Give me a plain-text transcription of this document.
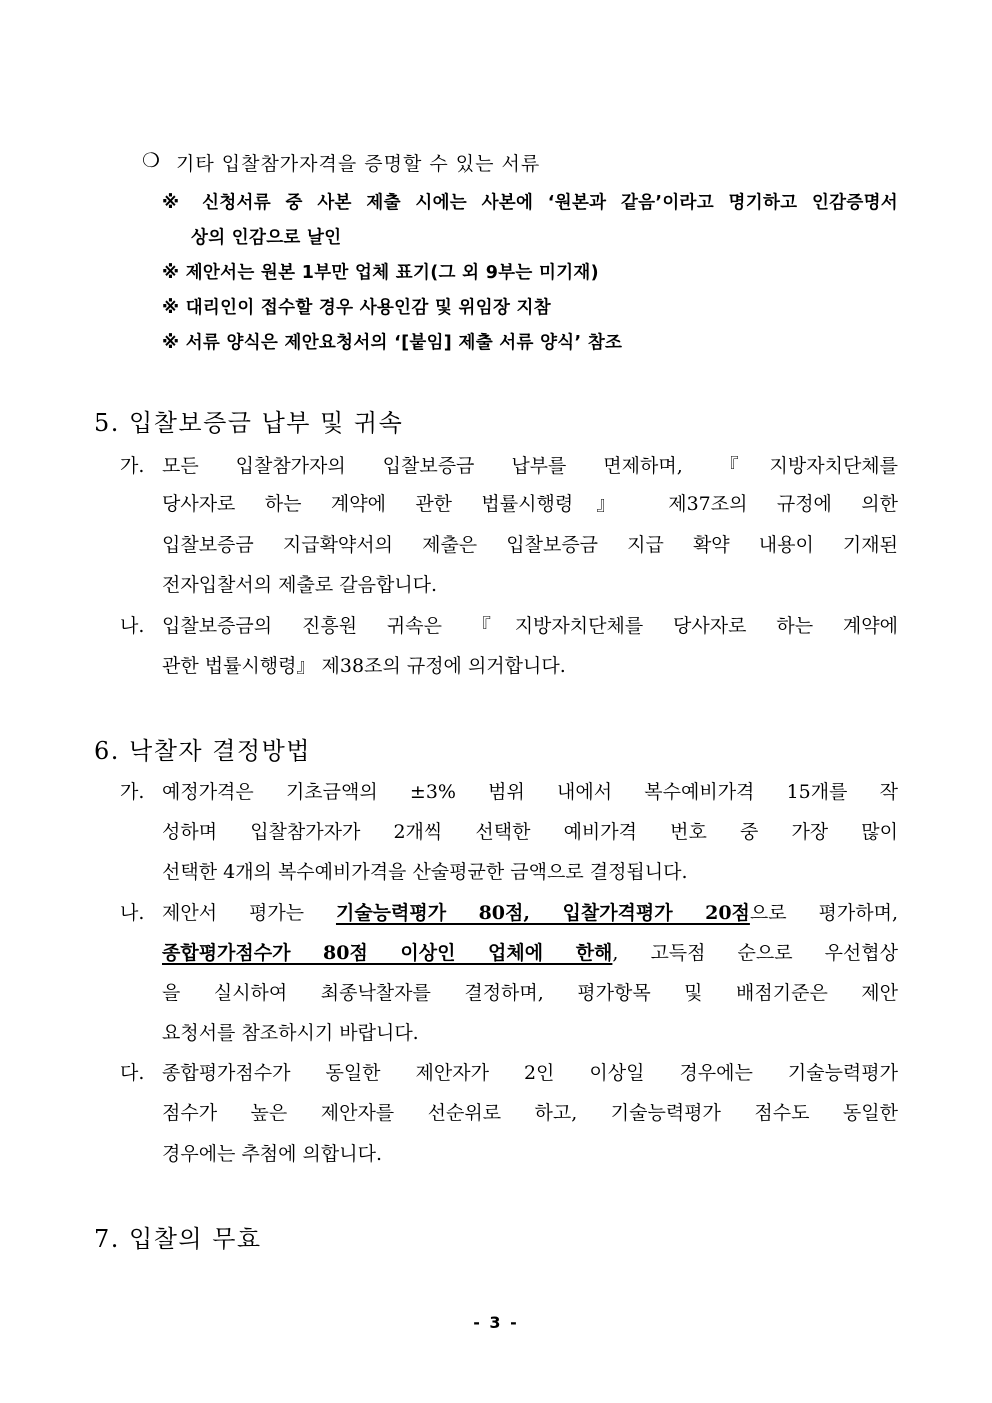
❍ 기타 입찰참가자격을 증명할 수 있는 서류
※ 신청서류 중 사본 제출 시에는 사본에 ‘원본과 같음’이라고 명기하고 인감증명서
상의 인감으로 날인
※ 제안서는 원본 1부만 업체 표기(그 외 9부는 미기재)
※ 대리인이 접수할 경우 사용인감 및 위임장 지참
※ 서류 양식은 제안요청서의 ‘[붙임] 제출 서류 양식’ 참조
5. 입찰보증금 납부 및 귀속
가. 모든 입찰참가자의 입찰보증금 납부를 면제하며, 『지방자치단체를
당사자로 하는 계약에 관한 법률시행령』 제37조의 규정에 의한
입찰보증금 지급확약서의 제출은 입찰보증금 지급 확약 내용이 기재된
전자입찰서의 제출로 갈음합니다.
나. 입찰보증금의 진흥원 귀속은 『지방자치단체를 당사자로 하는 계약에
관한 법률시행령』 제38조의 규정에 의거합니다.
6. 낙찰자 결정방법
가. 예정가격은 기초금액의 ±3% 범위 내에서 복수예비가격 15개를 작
성하며 입찰참가자가 2개씩 선택한 예비가격 번호 중 가장 많이
선택한 4개의 복수예비가격을 산술평균한 금액으로 결정됩니다.
나. 제안서 평가는 기술능력평가 80점, 입찰가격평가 20점으로 평가하며,
종합평가점수가 80점 이상인 업체에 한해, 고득점 순으로 우선협상
을 실시하여 최종낙찰자를 결정하며, 평가항목 및 배점기준은 제안
요청서를 참조하시기 바랍니다.
다. 종합평가점수가 동일한 제안자가 2인 이상일 경우에는 기술능력평가
점수가 높은 제안자를 선순위로 하고, 기술능력평가 점수도 동일한
경우에는 추첨에 의합니다.
7. 입찰의 무효
- 3 -
